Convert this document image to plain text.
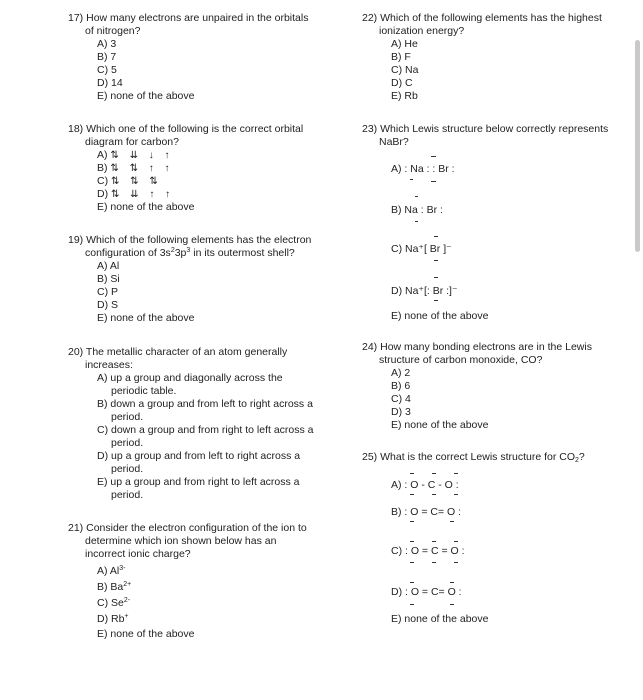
17) How many electrons are unpaired in the orbitals
of nitrogen?
A) 3
B) 7
C) 5
D) 14
E) none of the above
18) Which one of the following is the correct orbital
diagram for carbon?
A) ⇅ ⇊ ↓ ↑
B) ⇅ ⇅ ↑ ↑
C) ⇅ ⇅ ⇅
D) ⇅ ⇊ ↑ ↑
E) none of the above
19) Which of the following elements has the electron
configuration of $3s^23p^3$ in its outermost shell?
A) Al
B) Si
C) P
D) S
E) none of the above
20) The metallic character of an atom generally
increases:
A) up a group and diagonally across the
periodic table.
B) down a group and from left to right across a
period.
C) down a group and from right to left across a
period.
D) up a group and from left to right across a
period.
E) up a group and from right to left across a
period.
21) Consider the electron configuration of the ion to
determine which ion shown below has an
incorrect ionic charge?
A) $Al^{3-}$
B) $Ba^{2+}$
C) $Se^{2-}$
D) Rb+
E) none of the above
22) Which of the following elements has the highest
ionization energy?
A) He
B) F
C) Na
D) C
E) Rb
23) Which Lewis structure below correctly represents
NaBr?
A) : Na : : Br :
B) Na : Br :
C) Na⁺[ Br ]⁻
D) Na⁺[: Br :]⁻
E) none of the above
24) How many bonding electrons are in the Lewis
structure of carbon monoxide, CO?
A) 2
B) 6
C) 4
D) 3
E) none of the above
25) What is the correct Lewis structure for $CO_2$?
A) : O - C - O :
B) : O = C= O :
C) : O = C = O :
D) : O = C= O :
E) none of the above
